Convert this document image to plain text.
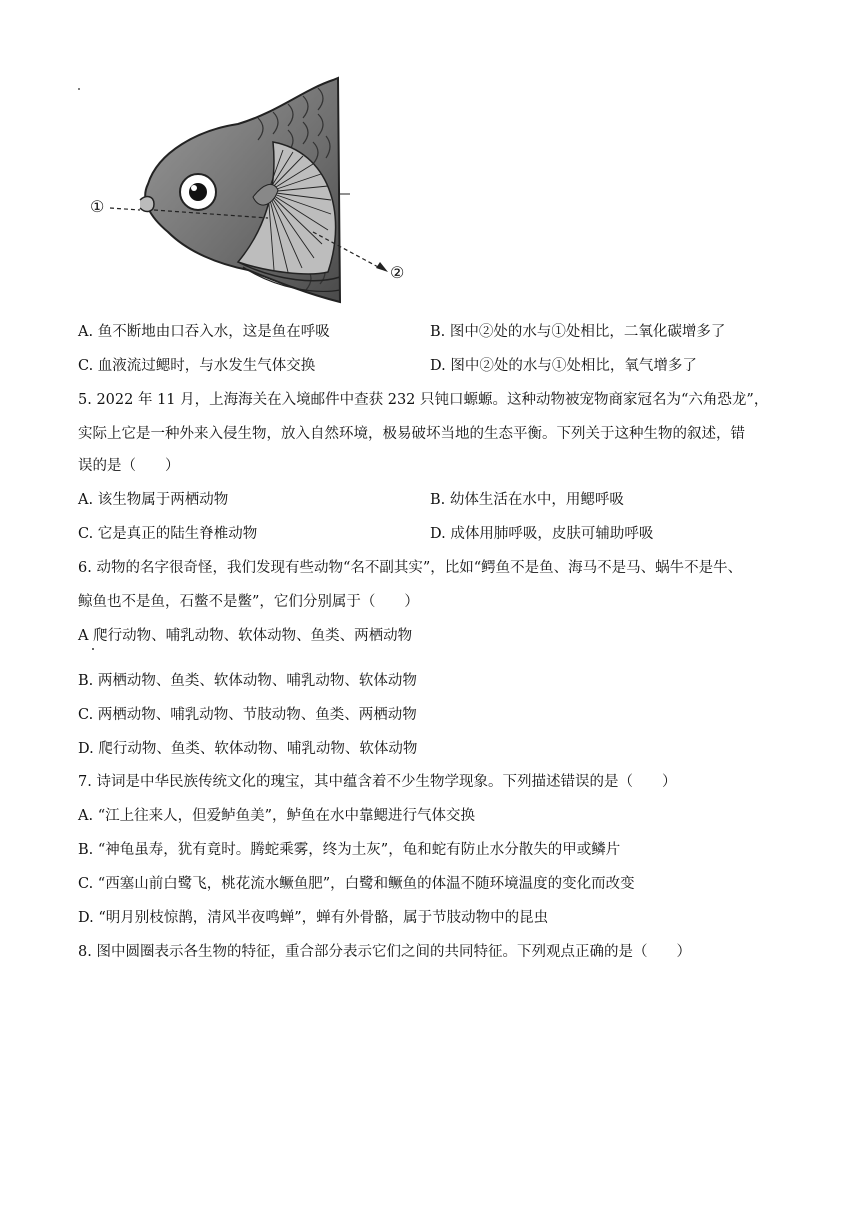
①
②
A. 鱼不断地由口吞入水，这是鱼在呼吸	B. 图中②处的水与①处相比，二氧化碳增多了
C. 血液流过鳃时，与水发生气体交换	D. 图中②处的水与①处相比，氧气增多了
5. 2022 年 11 月，上海海关在入境邮件中查获 232 只钝口螈螈。这种动物被宠物商家冠名为“六角恐龙”，
实际上它是一种外来入侵生物，放入自然环境，极易破坏当地的生态平衡。下列关于这种生物的叙述，错
误的是（　　）
A. 该生物属于两栖动物	B. 幼体生活在水中，用鳃呼吸
C. 它是真正的陆生脊椎动物	D. 成体用肺呼吸，皮肤可辅助呼吸
6. 动物的名字很奇怪，我们发现有些动物“名不副其实”，比如“鳄鱼不是鱼、海马不是马、蜗牛不是牛、
鲸鱼也不是鱼，石鳖不是鳖”，它们分别属于（　　）
A 爬行动物、哺乳动物、软体动物、鱼类、两栖动物
B. 两栖动物、鱼类、软体动物、哺乳动物、软体动物
C. 两栖动物、哺乳动物、节肢动物、鱼类、两栖动物
D. 爬行动物、鱼类、软体动物、哺乳动物、软体动物
7. 诗词是中华民族传统文化的瑰宝，其中蕴含着不少生物学现象。下列描述错误的是（　　）
A. “江上往来人，但爱鲈鱼美”，鲈鱼在水中靠鳃进行气体交换
B. “神龟虽寿，犹有竟时。腾蛇乘雾，终为土灰”，龟和蛇有防止水分散失的甲或鳞片
C. “西塞山前白鹭飞，桃花流水鳜鱼肥”，白鹭和鳜鱼的体温不随环境温度的变化而改变
D. “明月别枝惊鹊，清风半夜鸣蝉”，蝉有外骨骼，属于节肢动物中的昆虫
8. 图中圆圈表示各生物的特征，重合部分表示它们之间的共同特征。下列观点正确的是（　　）
